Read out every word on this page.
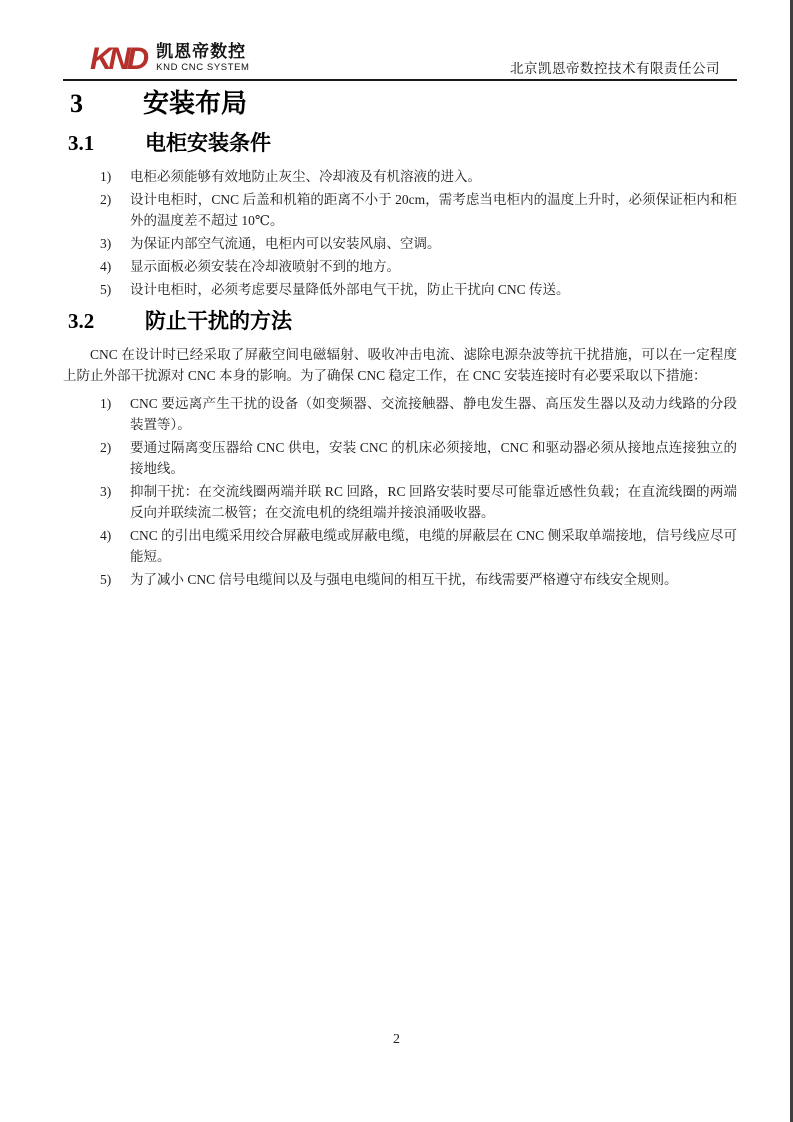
KND 凯恩帝数控
KND CNC SYSTEM	北京凯恩帝数控技术有限责任公司
3	安装布局
3.1	电柜安装条件
1) 电柜必须能够有效地防止灰尘、冷却液及有机溶液的进入。
2) 设计电柜时，CNC 后盖和机箱的距离不小于 20cm，需考虑当电柜内的温度上升时，必须保证柜内和柜外的温度差不超过 10℃。
3) 为保证内部空气流通，电柜内可以安装风扇、空调。
4) 显示面板必须安装在冷却液喷射不到的地方。
5) 设计电柜时，必须考虑要尽量降低外部电气干扰，防止干扰向 CNC 传送。
3.2	防止干扰的方法
CNC 在设计时已经采取了屏蔽空间电磁辐射、吸收冲击电流、滤除电源杂波等抗干扰措施，可以在一定程度上防止外部干扰源对 CNC 本身的影响。为了确保 CNC 稳定工作，在 CNC 安装连接时有必要采取以下措施：
1) CNC 要远离产生干扰的设备（如变频器、交流接触器、静电发生器、高压发生器以及动力线路的分段装置等）。
2) 要通过隔离变压器给 CNC 供电，安装 CNC 的机床必须接地，CNC 和驱动器必须从接地点连接独立的接地线。
3) 抑制干扰：在交流线圈两端并联 RC 回路，RC 回路安装时要尽可能靠近感性负载；在直流线圈的两端反向并联续流二极管；在交流电机的绕组端并接浪涌吸收器。
4) CNC 的引出电缆采用绞合屏蔽电缆或屏蔽电缆，电缆的屏蔽层在 CNC 侧采取单端接地，信号线应尽可能短。
5) 为了减小 CNC 信号电缆间以及与强电电缆间的相互干扰，布线需要严格遵守布线安全规则。
2
